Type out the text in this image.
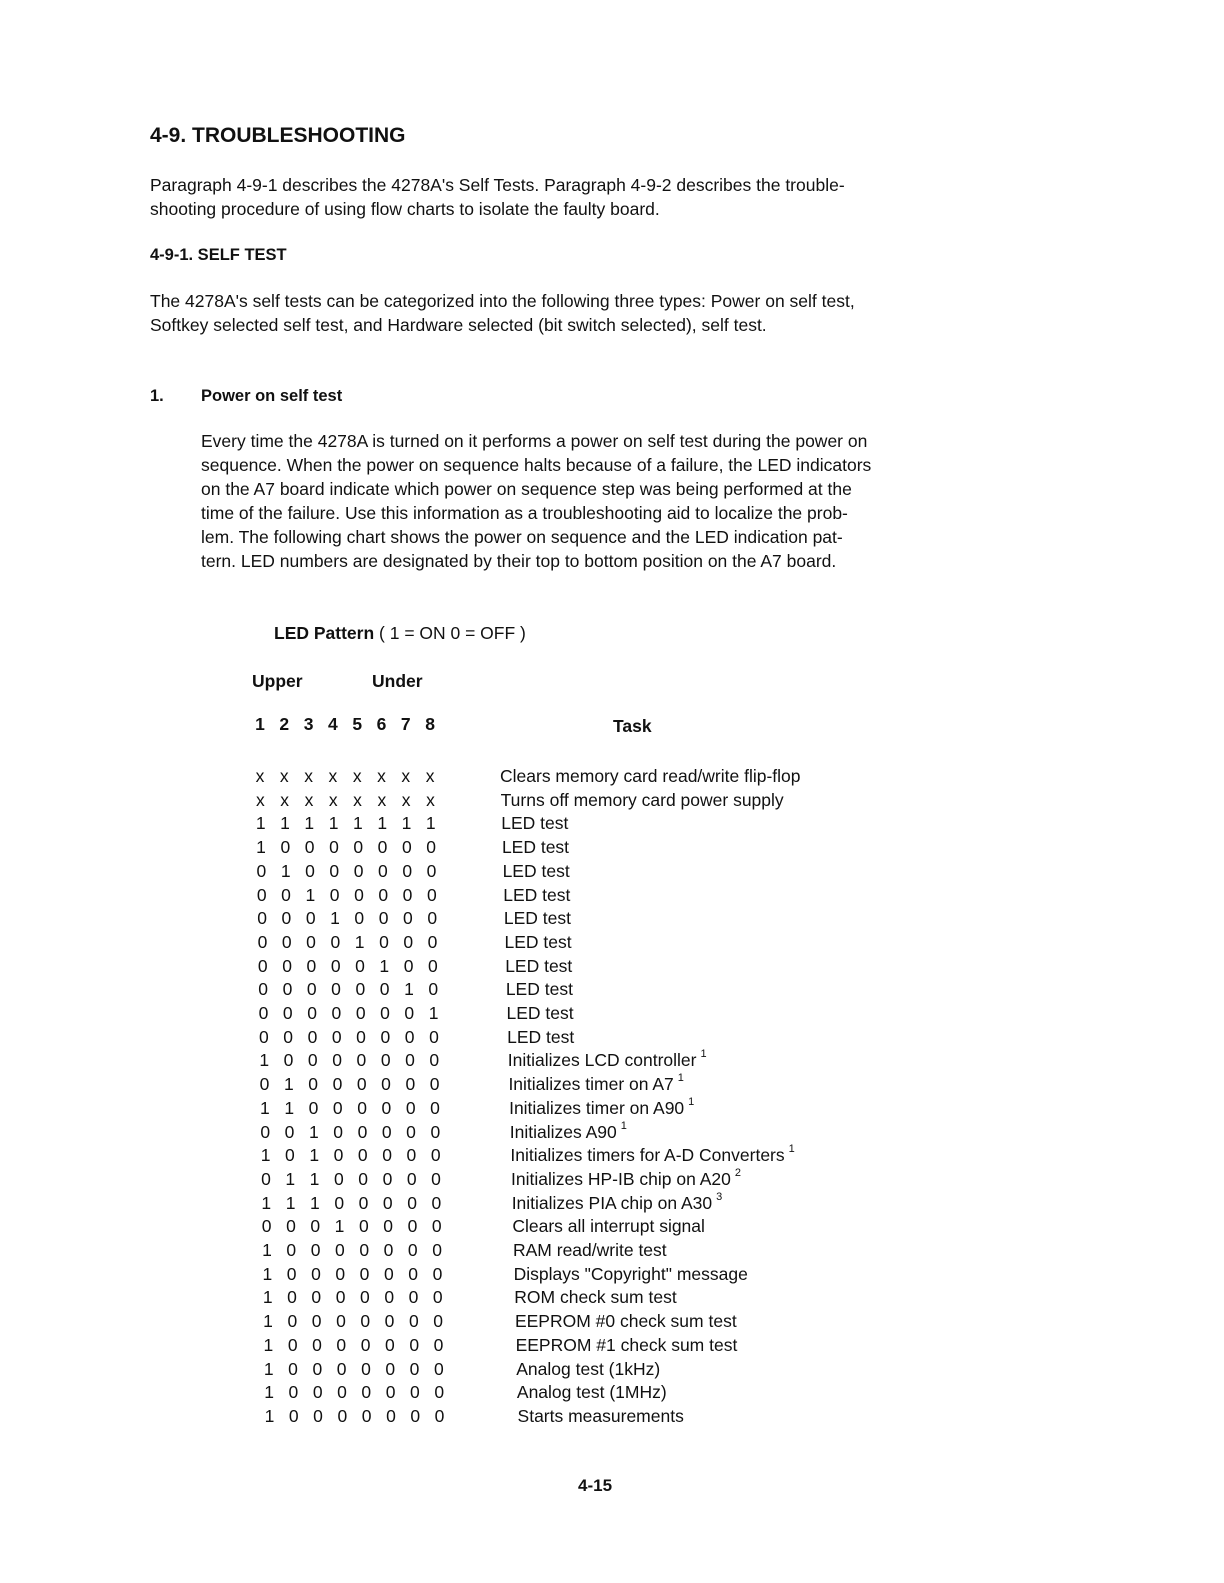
4-9. TROUBLESHOOTING
Paragraph 4-9-1 describes the 4278A's Self Tests. Paragraph 4-9-2 describes the trouble-
shooting procedure of using flow charts to isolate the faulty board.
4-9-1. SELF TEST
The 4278A's self tests can be categorized into the following three types: Power on self test,
Softkey selected self test, and Hardware selected (bit switch selected), self test.
1. Power on self test
Every time the 4278A is turned on it performs a power on self test during the power on
sequence. When the power on sequence halts because of a failure, the LED indicators
on the A7 board indicate which power on sequence step was being performed at the
time of the failure. Use this information as a troubleshooting aid to localize the prob-
lem. The following chart shows the power on sequence and the LED indication pat-
tern. LED numbers are designated by their top to bottom position on the A7 board.
LED Pattern ( 1 = ON 0 = OFF )
Upper	Under
1 2 3 4 5 6 7 8	Task
x x x x x x x x	Clears memory card read/write flip-flop
x x x x x x x x	Turns off memory card power supply
1 1 1 1 1 1 1 1	LED test
1 0 0 0 0 0 0 0	LED test
0 1 0 0 0 0 0 0	LED test
0 0 1 0 0 0 0 0	LED test
0 0 0 1 0 0 0 0	LED test
0 0 0 0 1 0 0 0	LED test
0 0 0 0 0 1 0 0	LED test
0 0 0 0 0 0 1 0	LED test
0 0 0 0 0 0 0 1	LED test
0 0 0 0 0 0 0 0	LED test
1 0 0 0 0 0 0 0	Initializes LCD controller $^1$
0 1 0 0 0 0 0 0	Initializes timer on A7 $^1$
1 1 0 0 0 0 0 0	Initializes timer on A90 $^1$
0 0 1 0 0 0 0 0	Initializes A90 $^1$
1 0 1 0 0 0 0 0	Initializes timers for A-D Converters $^1$
0 1 1 0 0 0 0 0	Initializes HP-IB chip on A20 $^2$
1 1 1 0 0 0 0 0	Initializes PIA chip on A30 $^3$
0 0 0 1 0 0 0 0	Clears all interrupt signal
1 0 0 0 0 0 0 0	RAM read/write test
1 0 0 0 0 0 0 0	Displays "Copyright" message
1 0 0 0 0 0 0 0	ROM check sum test
1 0 0 0 0 0 0 0	EEPROM #0 check sum test
1 0 0 0 0 0 0 0	EEPROM #1 check sum test
1 0 0 0 0 0 0 0	Analog test (1kHz)
1 0 0 0 0 0 0 0	Analog test (1MHz)
1 0 0 0 0 0 0 0	Starts measurements
4-15
